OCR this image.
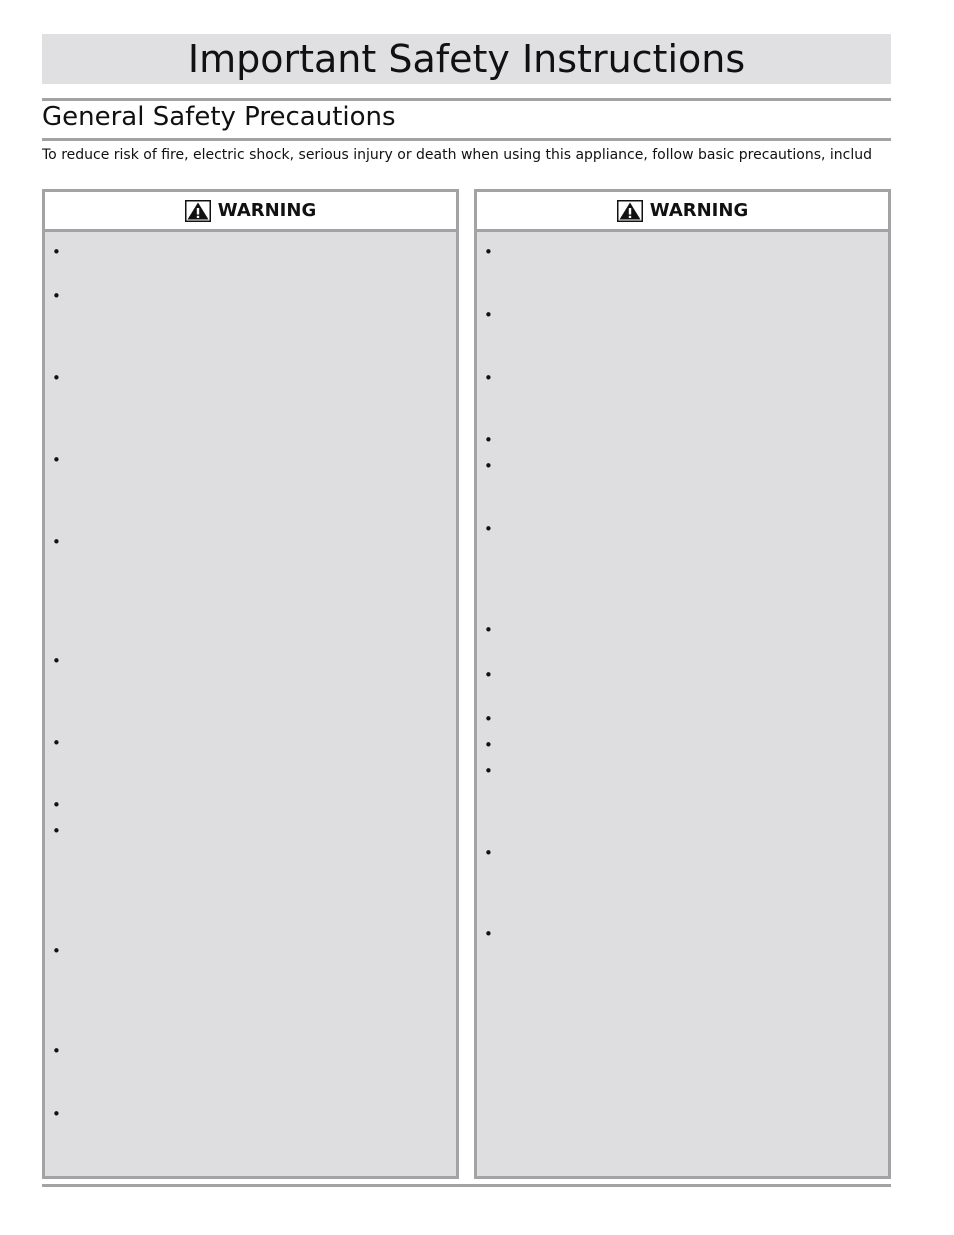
Important Safety Instructions
General Safety Precautions

To reduce risk of fire, electric shock, serious injury or death when using this appliance, follow basic precautions, includ

WARNING
•
•
•
•
•
•
•
•
•
•
•
•
WARNING
•
•
•
•
•
•
•
•
•
•
•
•
•
